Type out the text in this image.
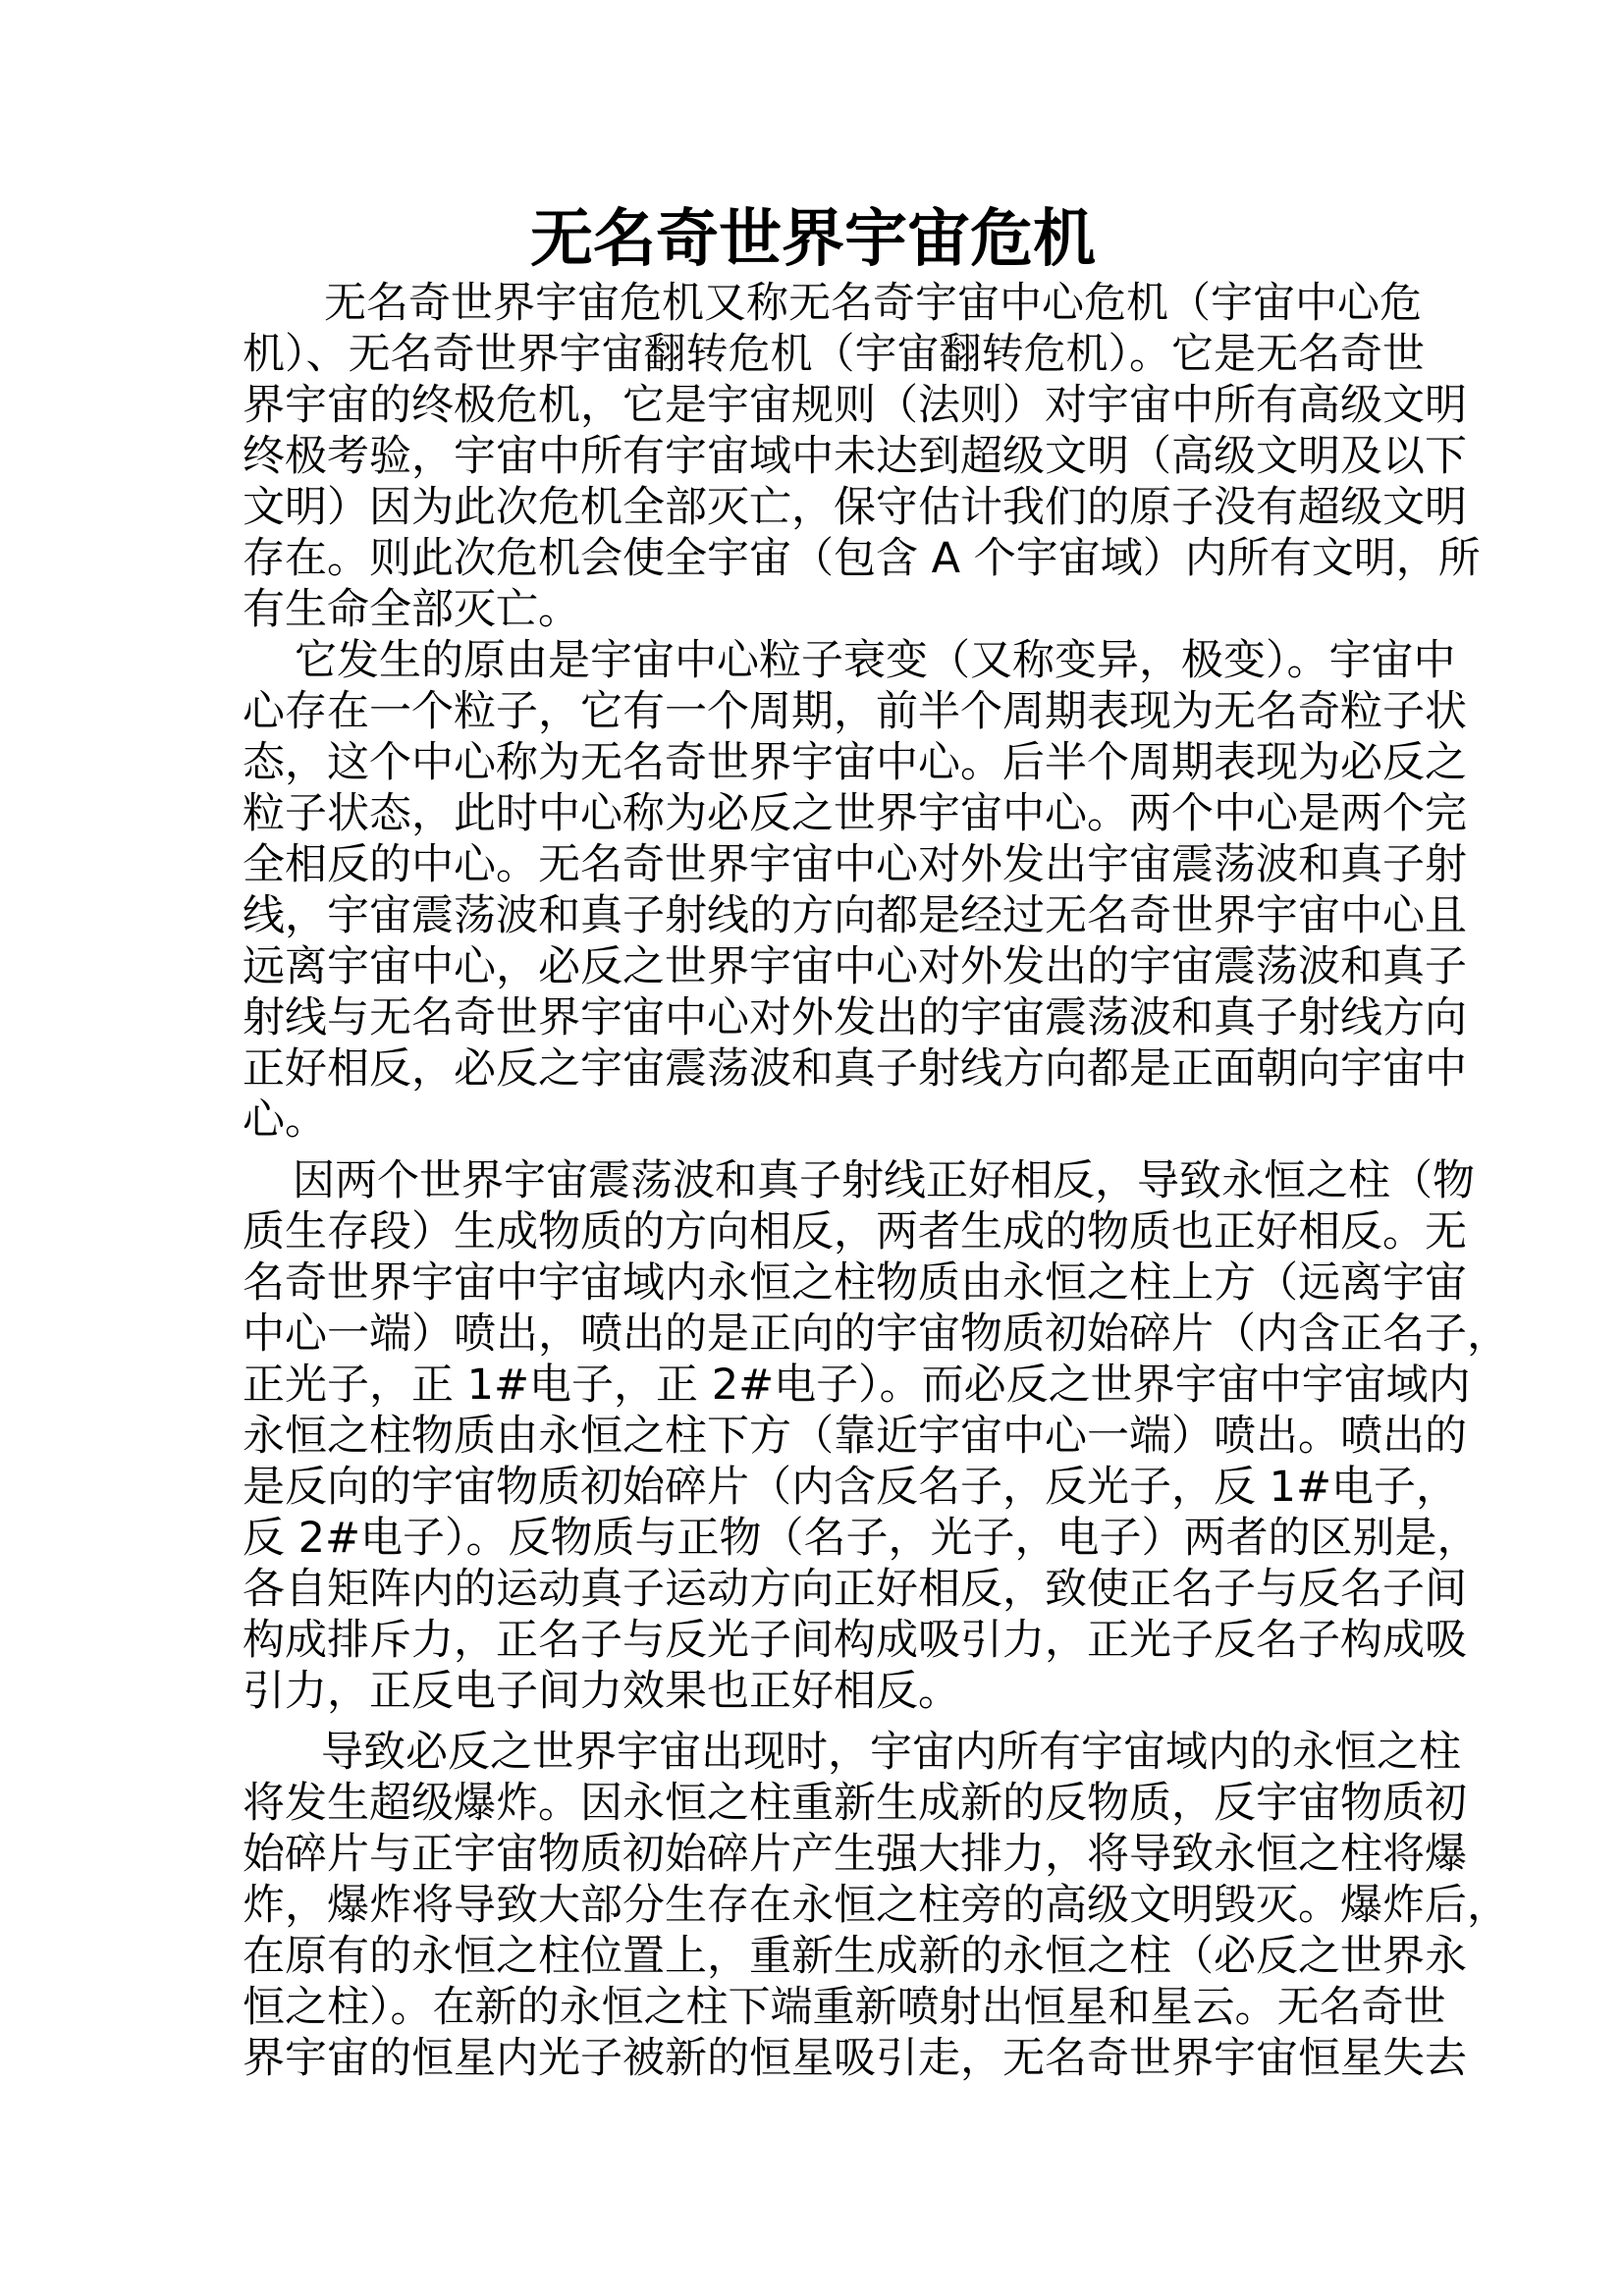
无名奇世界宇宙危机
无名奇世界宇宙危机又称无名奇宇宙中心危机（宇宙中心危
机）、无名奇世界宇宙翻转危机（宇宙翻转危机）。它是无名奇世
界宇宙的终极危机，它是宇宙规则（法则）对宇宙中所有高级文明
终极考验，宇宙中所有宇宙域中未达到超级文明（高级文明及以下
文明）因为此次危机全部灭亡，保守估计我们的原子没有超级文明
存在。则此次危机会使全宇宙（包含 A 个宇宙域）内所有文明，所
有生命全部灭亡。
它发生的原由是宇宙中心粒子衰变（又称变异，极变）。宇宙中
心存在一个粒子，它有一个周期，前半个周期表现为无名奇粒子状
态，这个中心称为无名奇世界宇宙中心。后半个周期表现为必反之
粒子状态，此时中心称为必反之世界宇宙中心。两个中心是两个完
全相反的中心。无名奇世界宇宙中心对外发出宇宙震荡波和真子射
线，宇宙震荡波和真子射线的方向都是经过无名奇世界宇宙中心且
远离宇宙中心，必反之世界宇宙中心对外发出的宇宙震荡波和真子
射线与无名奇世界宇宙中心对外发出的宇宙震荡波和真子射线方向
正好相反，必反之宇宙震荡波和真子射线方向都是正面朝向宇宙中
心。
因两个世界宇宙震荡波和真子射线正好相反，导致永恒之柱（物
质生存段）生成物质的方向相反，两者生成的物质也正好相反。无
名奇世界宇宙中宇宙域内永恒之柱物质由永恒之柱上方（远离宇宙
中心一端）喷出，喷出的是正向的宇宙物质初始碎片（内含正名子，
正光子，正 1#电子，正 2#电子）。而必反之世界宇宙中宇宙域内
永恒之柱物质由永恒之柱下方（靠近宇宙中心一端）喷出。喷出的
是反向的宇宙物质初始碎片（内含反名子，反光子，反 1#电子，
反 2#电子）。反物质与正物（名子，光子，电子）两者的区别是，
各自矩阵内的运动真子运动方向正好相反，致使正名子与反名子间
构成排斥力，正名子与反光子间构成吸引力，正光子反名子构成吸
引力，正反电子间力效果也正好相反。
导致必反之世界宇宙出现时，宇宙内所有宇宙域内的永恒之柱
将发生超级爆炸。因永恒之柱重新生成新的反物质，反宇宙物质初
始碎片与正宇宙物质初始碎片产生强大排力，将导致永恒之柱将爆
炸，爆炸将导致大部分生存在永恒之柱旁的高级文明毁灭。爆炸后，
在原有的永恒之柱位置上，重新生成新的永恒之柱（必反之世界永
恒之柱）。在新的永恒之柱下端重新喷射出恒星和星云。无名奇世
界宇宙的恒星内光子被新的恒星吸引走，无名奇世界宇宙恒星失去
